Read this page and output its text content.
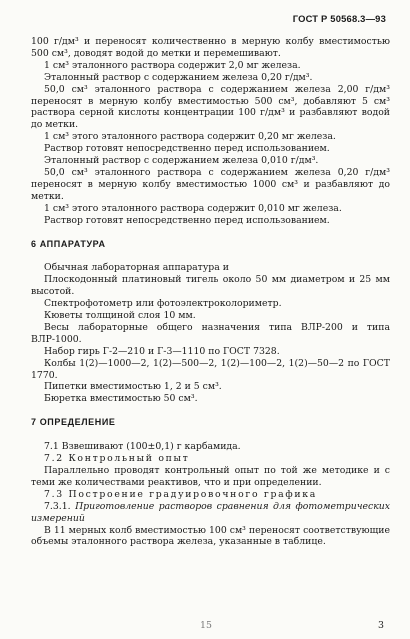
ГОСТ Р 50568.3—93

100 г/дм³ и переносят количественно в мерную колбу вместимостью 500 см³, доводят водой до метки и перемешивают.

1 см³ эталонного раствора содержит 2,0 мг железа.

Эталонный раствор с содержанием железа 0,20 г/дм³.

50,0 см³ эталонного раствора с содержанием железа 2,00 г/дм³ переносят в мерную колбу вместимостью 500 см³, добавляют 5 см³ раствора серной кислоты концентрации 100 г/дм³ и разбавляют водой до метки.

1 см³ этого эталонного раствора содержит 0,20 мг железа.

Раствор готовят непосредственно перед использованием.

Эталонный раствор с содержанием железа 0,010 г/дм³.

50,0 см³ эталонного раствора с содержанием железа 0,20 г/дм³ переносят в мерную колбу вместимостью 1000 см³ и разбавляют до метки.

1 см³ этого эталонного раствора содержит 0,010 мг железа.

Раствор готовят непосредственно перед использованием.

6 АППАРАТУРА

Обычная лабораторная аппаратура и

Плоскодонный платиновый тигель около 50 мм диаметром и 25 мм высотой.

Спектрофотометр или фотоэлектроколориметр.

Кюветы толщиной слоя 10 мм.

Весы лабораторные общего назначения типа ВЛР-200 и типа ВЛР-1000.

Набор гирь Г-2—210 и Г-3—1110 по ГОСТ 7328.

Колбы 1(2)—1000—2, 1(2)—500—2, 1(2)—100—2, 1(2)—50—2 по ГОСТ 1770.

Пипетки вместимостью 1, 2 и 5 см³.

Бюретка вместимостью 50 см³.

7 ОПРЕДЕЛЕНИЕ

7.1 Взвешивают (100±0,1) г карбамида.

7.2 Контрольный опыт

Параллельно проводят контрольный опыт по той же методике и с теми же количествами реактивов, что и при определении.

7.3 Построение градуировочного графика

7.3.1. Приготовление растворов сравнения для фотометрических измерений

В 11 мерных колб вместимостью 100 см³ переносят соответствующие объемы эталонного раствора железа, указанные в таблице.

15	3
